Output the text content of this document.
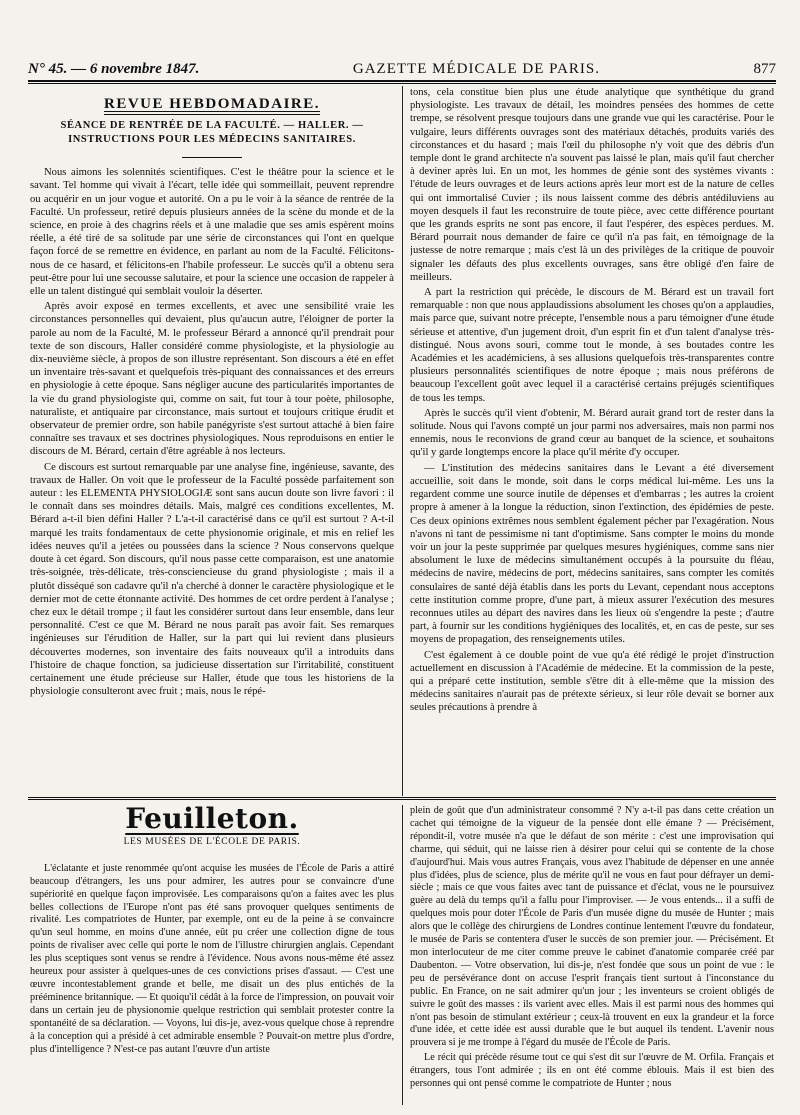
N° 45. — 6 novembre 1847.	GAZETTE MÉDICALE DE PARIS.	877
REVUE HEBDOMADAIRE.
SÉANCE DE RENTRÉE DE LA FACULTÉ. — HALLER. — INSTRUCTIONS POUR LES MÉDECINS SANITAIRES.

Nous aimons les solennités scientifiques. C'est le théâtre pour la science et le savant. Tel homme qui vivait à l'écart, telle idée qui sommeillait, peuvent reprendre ou acquérir en un jour vogue et autorité. On a pu le voir à la séance de rentrée de la Faculté. Un professeur, retiré depuis plusieurs années de la scène du monde et de la science, en proie à des chagrins réels et à une maladie que ses amis espèrent moins réelle, a été tiré de sa solitude par une série de circonstances qui l'ont en quelque façon forcé de se remettre en évidence, en parlant au nom de la Faculté. Félicitons-nous de ce hasard, et félicitons-en l'habile professeur. Le succès qu'il a obtenu sera peut-être pour lui une secousse salutaire, et pour la science une occasion de rappeler à elle un talent distingué qui semblait vouloir la déserter.

Après avoir exposé en termes excellents, et avec une sensibilité vraie les circonstances personnelles qui devaient, plus qu'aucun autre, l'éloigner de porter la parole au nom de la Faculté, M. le professeur Bérard a annoncé qu'il prendrait pour texte de son discours, Haller considéré comme physiologiste, et la physiologie au dix-neuvième siècle, à propos de son illustre représentant. Son discours a été en effet un inventaire très-savant et quelquefois très-piquant des connaissances et des erreurs en physiologie à cette époque. Sans négliger aucune des particularités importantes de la vie du grand physiologiste qui, comme on sait, fut tour à tour poète, philosophe, naturaliste, et antiquaire par circonstance, mais surtout et toujours critique érudit et observateur de premier ordre, son habile panégyriste s'est surtout attaché à bien faire connaître ses travaux et ses doctrines physiologiques. Nous reproduisons en entier le discours de M. Bérard, certain d'être agréable à nos lecteurs.

Ce discours est surtout remarquable par une analyse fine, ingénieuse, savante, des travaux de Haller. On voit que le professeur de la Faculté possède parfaitement son auteur : les ELEMENTA PHYSIOLOGIÆ sont sans aucun doute son livre favori : il le connaît dans ses moindres détails. Mais, malgré ces conditions excellentes, M. Bérard a-t-il bien défini Haller ? L'a-t-il caractérisé dans ce qu'il est surtout ? A-t-il marqué les traits fondamentaux de cette physionomie originale, et mis en relief les idées neuves qu'il a jetées ou poussées dans la science ? Nous conservons quelque doute à cet égard. Son discours, qu'il nous passe cette comparaison, est une anatomie très-soignée, très-délicate, très-consciencieuse du grand physiologiste ; mais il a plutôt disséqué son cadavre qu'il n'a cherché à donner le caractère physiologique et le dernier mot de cette étonnante activité. Des hommes de cet ordre perdent à l'analyse ; chez eux le détail trompe ; il faut les considérer surtout dans leur ensemble, dans leur personnalité. C'est ce que M. Bérard ne nous paraît pas avoir fait. Ses remarques ingénieuses sur l'érudition de Haller, sur la part qui lui revient dans plusieurs découvertes modernes, son inventaire des faits nouveaux qu'il a introduits dans l'histoire de chaque fonction, sa judicieuse dissertation sur l'irritabilité, constituent certainement une étude précieuse sur Haller, étude que tous les historiens de la physiologie consulteront avec fruit ; mais, nous le répé-

tons, cela constitue bien plus une étude analytique que synthétique du grand physiologiste. Les travaux de détail, les moindres pensées des hommes de cette trempe, se résolvent presque toujours dans une grande vue qui les caractérise. Pour le vulgaire, leurs différents ouvrages sont des matériaux détachés, produits variés des circonstances et du hasard ; mais l'œil du philosophe n'y voit que des débris d'un temple dont le grand architecte n'a souvent pas laissé le plan, mais qu'il faut chercher à deviner après lui. En un mot, les hommes de génie sont des systèmes vivants : l'étude de leurs ouvrages et de leurs actions après leur mort est de la nature de celles qui ont immortalisé Cuvier ; ils nous laissent comme des débris antédiluviens au moyen desquels il faut les reconstruire de toute pièce, avec cette différence pourtant que les grands esprits ne sont pas encore, il faut l'espérer, des espèces perdues. M. Bérard pourrait nous demander de faire ce qu'il n'a pas fait, en témoignage de la justesse de notre remarque ; mais c'est là un des privilèges de la critique de pouvoir signaler les défauts des plus excellents ouvrages, sans être obligé d'en faire de meilleurs.

A part la restriction qui précède, le discours de M. Bérard est un travail fort remarquable : non que nous applaudissions absolument les choses qu'on a applaudies, mais parce que, suivant notre précepte, l'ensemble nous a paru témoigner d'une étude sérieuse et attentive, d'un jugement droit, d'un esprit fin et d'un talent d'analyse très-distingué. Nous avons souri, comme tout le monde, à ses boutades contre les Académies et les académiciens, à ses allusions quelquefois très-transparentes contre plusieurs personnalités scientifiques de notre époque ; mais nous préférons de beaucoup l'excellent goût avec lequel il a caractérisé certains préjugés scientifiques de tous les temps.

Après le succès qu'il vient d'obtenir, M. Bérard aurait grand tort de rester dans la solitude. Nous qui l'avons compté un jour parmi nos adversaires, mais non parmi nos ennemis, nous le reconvions de grand cœur au banquet de la science, et souhaitons qu'il y garde longtemps encore la place qu'il mérite d'y occuper.

— L'institution des médecins sanitaires dans le Levant a été diversement accueillie, soit dans le monde, soit dans le corps médical lui-même. Les uns la regardent comme une source inutile de dépenses et d'embarras ; les autres la croient propre à amener à la longue la réduction, sinon l'extinction, des épidémies de peste. Ces deux opinions extrêmes nous semblent également pécher par l'exagération. Nous n'avons ni tant de pessimisme ni tant d'optimisme. Sans compter le moins du monde voir un jour la peste supprimée par quelques mesures hygiéniques, comme sans nier absolument le luxe de médecins simultanément occupés à la poursuite du fléau, médecins de navire, médecins de port, médecins sanitaires, sans compter les comités consulaires de santé déjà établis dans les ports du Levant, cependant nous acceptons cette institution comme propre, d'une part, à mieux assurer l'exécution des mesures reconnues utiles au départ des navires dans les lieux où s'engendre la peste ; d'autre part, à fournir sur les conditions hygiéniques des localités, et, en cas de peste, sur ses moyens de propagation, des renseignements utiles.

C'est également à ce double point de vue qu'a été rédigé le projet d'instruction actuellement en discussion à l'Académie de médecine. Et la commission de la peste, qui a préparé cette institution, semble s'être dit à elle-même que la mission des médecins sanitaires n'aurait pas de prétexte sérieux, si leur rôle devait se borner aux seules précautions à prendre à

Feuilleton.
LES MUSÉES DE L'ÉCOLE DE PARIS.

L'éclatante et juste renommée qu'ont acquise les musées de l'École de Paris a attiré beaucoup d'étrangers, les uns pour admirer, les autres pour se convaincre d'une supériorité en quelque façon improvisée. Les comparaisons qu'on a faites avec les plus belles collections de l'Europe n'ont pas été sans provoquer quelques sentiments de rivalité. Les compatriotes de Hunter, par exemple, ont eu de la peine à se convaincre qu'un seul homme, en moins d'une année, eût pu créer une collection digne de tous points de rivaliser avec celle qui porte le nom de l'illustre chirurgien anglais. Cependant les plus sceptiques sont venus se rendre à l'évidence. Nous avons nous-même été assez heureux pour assister à quelques-unes de ces convictions prises d'assaut. — C'est une œuvre incontestablement grande et belle, me disait un des plus entichés de la prééminence britannique. — Et quoiqu'il cédât à la force de l'impression, on pouvait voir dans un certain jeu de physionomie quelque restriction qui semblait protester contre la spontanéité de sa déclaration. — Voyons, lui dis-je, avez-vous quelque chose à reprendre à la conception qui a présidé à cet admirable ensemble ? Pouvait-on mettre plus d'ordre, plus d'intelligence ? N'est-ce pas autant l'œuvre d'un artiste

plein de goût que d'un administrateur consommé ? N'y a-t-il pas dans cette création un cachet qui témoigne de la vigueur de la pensée dont elle émane ? — Précisément, répondit-il, votre musée n'a que le défaut de son mérite : c'est une improvisation qui charme, qui séduit, qui ne laisse rien à désirer pour celui qui se contente de la chose d'aujourd'hui. Mais vous autres Français, vous avez l'habitude de dépenser en une année plus d'idées, plus de science, plus de mérite qu'il ne vous en faut pour défrayer un demi-siècle ; mais ce que vous faites avec tant de puissance et d'éclat, vous ne le poursuivez guère au delà du temps qu'il a fallu pour l'improviser. — Je vous entends... il a suffi de quelques mois pour doter l'École de Paris d'un musée digne du musée de Hunter ; mais alors que le collège des chirurgiens de Londres continue lentement l'œuvre du fondateur, le musée de Paris se contentera d'user le succès de son premier jour. — Précisément. Et mon interlocuteur de me citer comme preuve le cabinet d'anatomie comparée créé par Daubenton. — Votre observation, lui dis-je, n'est fondée que sous un point de vue : le peu de persévérance dont on accuse l'esprit français tient surtout à l'inconstance du public. En France, on ne sait admirer qu'un jour ; les inventeurs se croient obligés de suivre le goût des masses : ils varient avec elles. Mais il est parmi nous des hommes qui n'ont pas besoin de stimulant extérieur ; ceux-là trouvent en eux la grandeur et la force d'une idée, et cette idée est aussi durable que le but auquel ils tendent. L'avenir nous prouvera si je me trompe à l'égard du musée de l'École de Paris.

Le récit qui précède résume tout ce qui s'est dit sur l'œuvre de M. Orfila. Français et étrangers, tous l'ont admirée ; ils en ont été comme éblouis. Mais il est bien des personnes qui ont pensé comme le compatriote de Hunter ; nous
